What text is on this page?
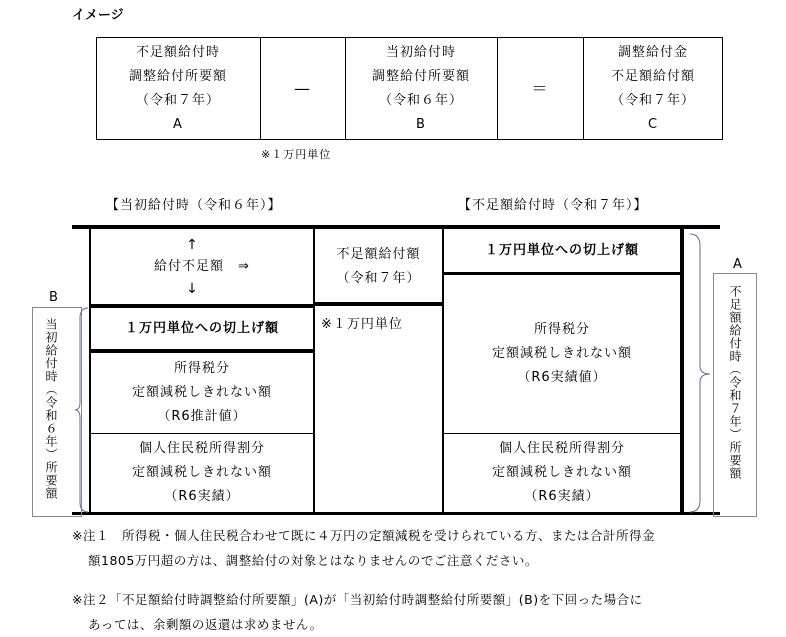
イメージ
不足額給付時
調整給付所要額
（令和７年）
A
—
当初給付時
調整給付所要額
（令和６年）
B
＝
調整給付金
不足額給付額
（令和７年）
C
※１万円単位
【当初給付時（令和６年）】	【不足額給付時（令和７年）】
↑
給付不足額　⇒
↓
１万円単位への切上げ額
所得税分
定額減税しきれない額
（R6推計値）
個人住民税所得割分
定額減税しきれない額
（R6実績）
不足額給付額
（令和７年）
※１万円単位
１万円単位への切上げ額
所得税分
定額減税しきれない額
（R6実績値）
個人住民税所得割分
定額減税しきれない額
（R6実績）
B
当初給付時（令和６年）所要額
A
不足額給付時（令和７年）所要額
※注１　所得税・個人住民税合わせて既に４万円の定額減税を受けられている方、または合計所得金
額1805万円超の方は、調整給付の対象とはなりませんのでご注意ください。
※注２「不足額給付時調整給付所要額」(A)が「当初給付時調整給付所要額」(B)を下回った場合に
あっては、余剰額の返還は求めません。
